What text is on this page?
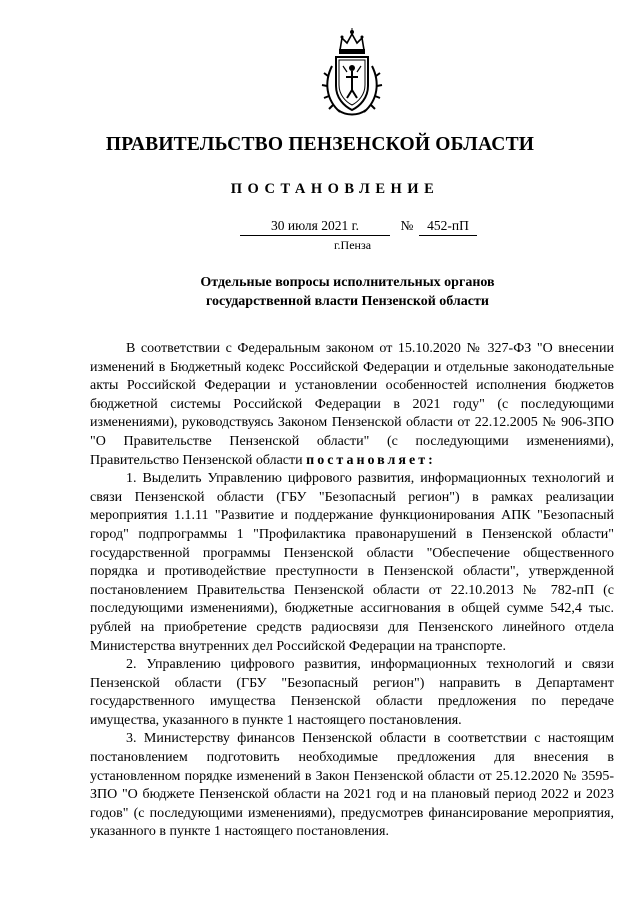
ПРАВИТЕЛЬСТВО ПЕНЗЕНСКОЙ ОБЛАСТИ
ПОСТАНОВЛЕНИЕ
30 июля 2021 г.	№	452-пП
г.Пенза
Отдельные вопросы исполнительных органов
государственной власти Пензенской области

В соответствии с Федеральным законом от 15.10.2020 № 327-ФЗ "О внесении изменений в Бюджетный кодекс Российской Федерации и отдельные законодательные акты Российской Федерации и установлении особенностей исполнения бюджетов бюджетной системы Российской Федерации в 2021 году" (с последующими изменениями), руководствуясь Законом Пензенской области от 22.12.2005 № 906-ЗПО "О Правительстве Пензенской области" (с последующими изменениями), Правительство Пензенской области постановляет:

1. Выделить Управлению цифрового развития, информационных технологий и связи Пензенской области (ГБУ "Безопасный регион") в рамках реализации мероприятия 1.1.11 "Развитие и поддержание функционирования АПК "Безопасный город" подпрограммы 1 "Профилактика правонарушений в Пензенской области" государственной программы Пензенской области "Обеспечение общественного порядка и противодействие преступности в Пензенской области", утвержденной постановлением Правительства Пензенской области от 22.10.2013 № 782-пП (с последующими изменениями), бюджетные ассигнования в общей сумме 542,4 тыс. рублей на приобретение средств радиосвязи для Пензенского линейного отдела Министерства внутренних дел Российской Федерации на транспорте.

2. Управлению цифрового развития, информационных технологий и связи Пензенской области (ГБУ "Безопасный регион") направить в Департамент государственного имущества Пензенской области предложения по передаче имущества, указанного в пункте 1 настоящего постановления.

3. Министерству финансов Пензенской области в соответствии с настоящим постановлением подготовить необходимые предложения для внесения в установленном порядке изменений в Закон Пензенской области от 25.12.2020 № 3595-ЗПО "О бюджете Пензенской области на 2021 год и на плановый период 2022 и 2023 годов" (с последующими изменениями), предусмотрев финансирование мероприятия, указанного в пункте 1 настоящего постановления.
